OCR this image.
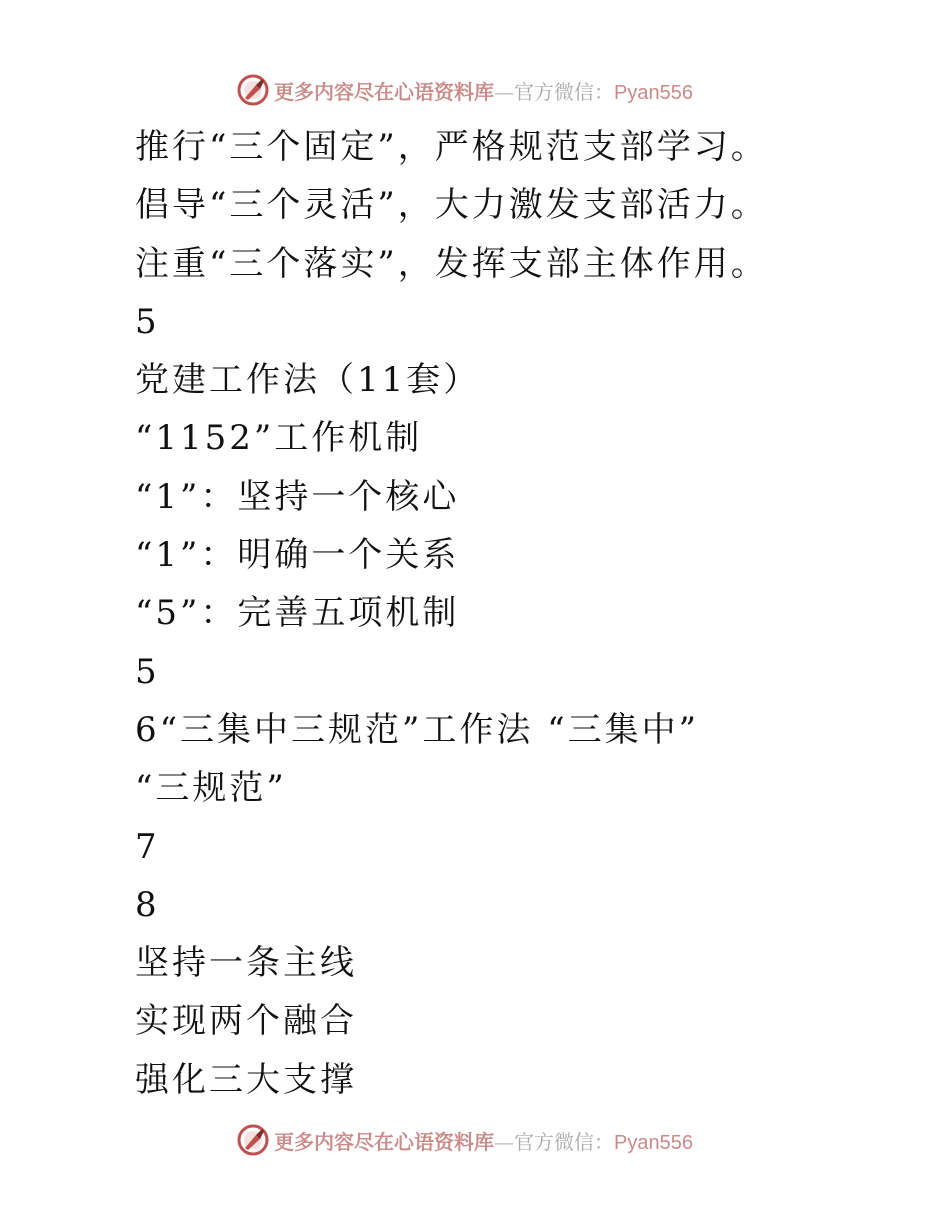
更多内容尽在心语资料库—官方微信：Pyan556
推行“三个固定”，严格规范支部学习。
倡导“三个灵活”，大力激发支部活力。
注重“三个落实”，发挥支部主体作用。
5
党建工作法（11套）
“1152”工作机制
“1”：坚持一个核心
“1”：明确一个关系
“5”：完善五项机制
5
6“三集中三规范”工作法 “三集中”
“三规范”
7
8
坚持一条主线
实现两个融合
强化三大支撑
更多内容尽在心语资料库—官方微信：Pyan556
